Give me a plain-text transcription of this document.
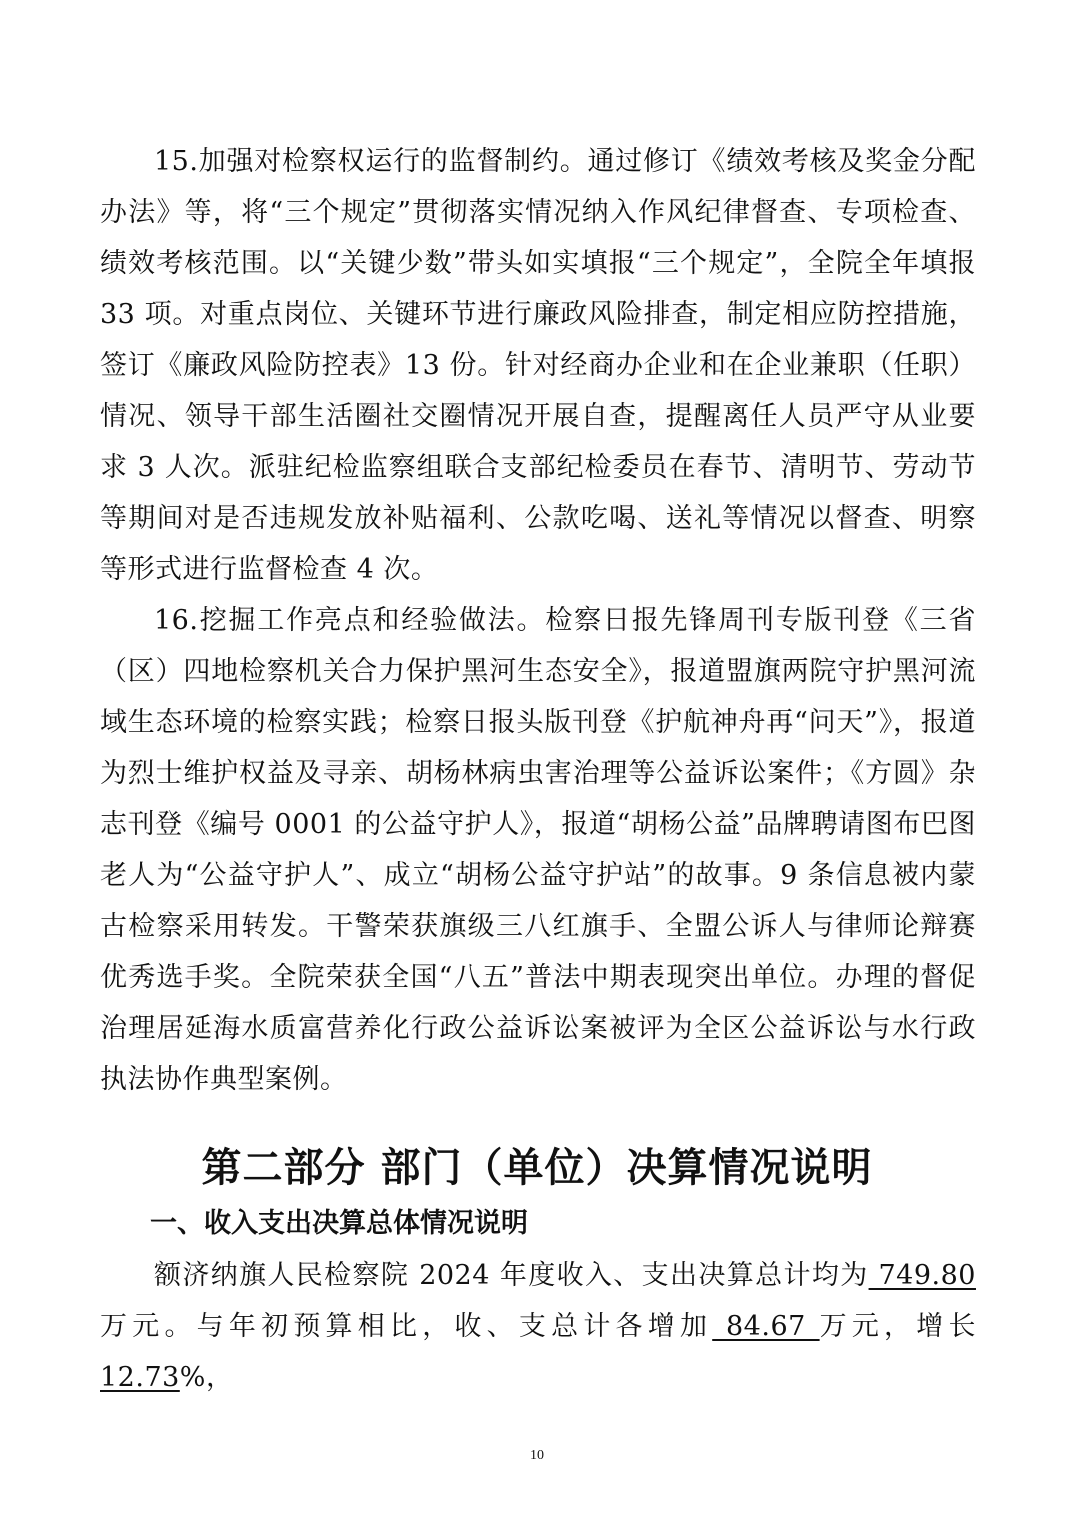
15.加强对检察权运行的监督制约。通过修订《绩效考核及奖金分配办法》等，将“三个规定”贯彻落实情况纳入作风纪律督查、专项检查、绩效考核范围。以“关键少数”带头如实填报“三个规定”，全院全年填报 33 项。对重点岗位、关键环节进行廉政风险排查，制定相应防控措施，签订《廉政风险防控表》13 份。针对经商办企业和在企业兼职（任职）情况、领导干部生活圈社交圈情况开展自查，提醒离任人员严守从业要求 3 人次。派驻纪检监察组联合支部纪检委员在春节、清明节、劳动节等期间对是否违规发放补贴福利、公款吃喝、送礼等情况以督查、明察等形式进行监督检查 4 次。

16.挖掘工作亮点和经验做法。检察日报先锋周刊专版刊登《三省（区）四地检察机关合力保护黑河生态安全》，报道盟旗两院守护黑河流域生态环境的检察实践；检察日报头版刊登《护航神舟再“问天”》，报道为烈士维护权益及寻亲、胡杨林病虫害治理等公益诉讼案件；《方圆》杂志刊登《编号 0001 的公益守护人》，报道“胡杨公益”品牌聘请图布巴图老人为“公益守护人”、成立“胡杨公益守护站”的故事。9 条信息被内蒙古检察采用转发。干警荣获旗级三八红旗手、全盟公诉人与律师论辩赛优秀选手奖。全院荣获全国“八五”普法中期表现突出单位。办理的督促治理居延海水质富营养化行政公益诉讼案被评为全区公益诉讼与水行政执法协作典型案例。

第二部分 部门（单位）决算情况说明
一、收入支出决算总体情况说明

额济纳旗人民检察院 2024 年度收入、支出决算总计均为 749.80 万元。与年初预算相比，收、支总计各增加 84.67 万元，增长 12.73%，

10
